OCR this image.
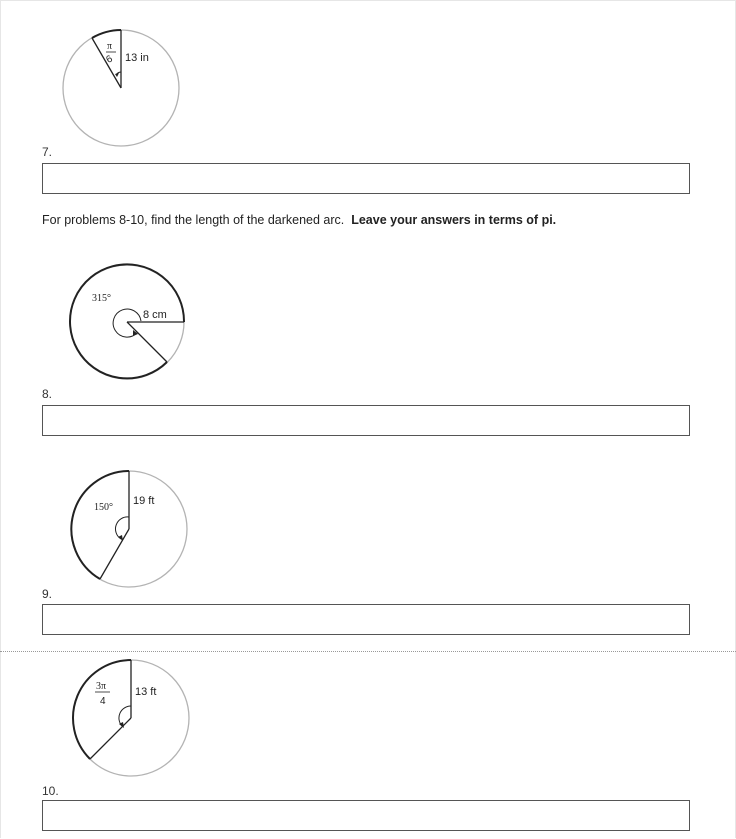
π
6 13 in
7.
For problems 8-10, find the length of the darkened arc. Leave your answers in terms of pi.
315°
8 cm
8.
150°
19 ft
9.
3π
4
13 ft
10.
